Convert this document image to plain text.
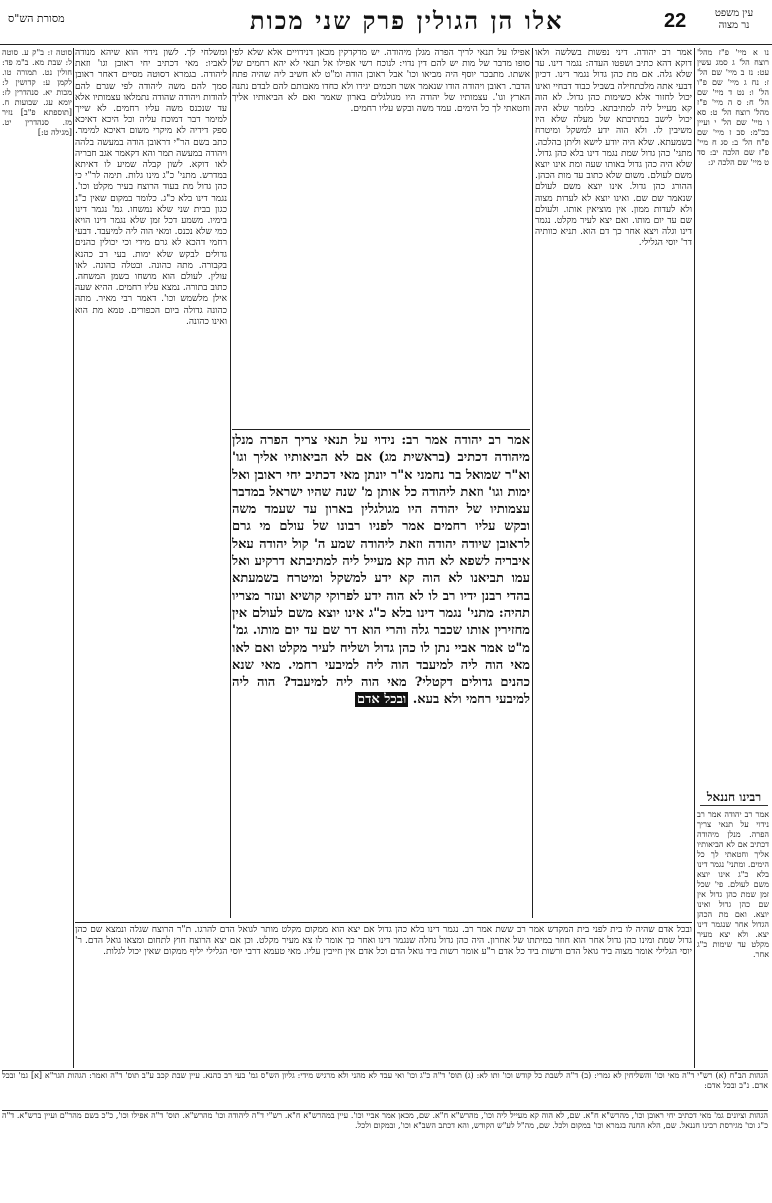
מסורת הש"ס	אלו הן הגולין פרק שני מכות	22	עין משפט
נר מצוה
ומשלחי לך. לשון נידוי הוא שיהא מנודה לאביו: מאי דכתיב יחי ראובן וגו' וזאת ליהודה. בגמרא דסוטה מסיים דאחר ראובן סמך להם משה ליהודה לפי שגרם להם להודות ויהודה שהודה נתמלאו עצמותיו אלא עד שנכנס משה עליו רחמים. לא שייך למימר דבר דמוכח עליה וכל היכא דאיכא ספק דידיה לא מיקרי משום דאיכא למימר. כתב בשם הר"י דראובן הודה במעשה בלהה ויהודה במעשה תמר והא דקאמר אגב חבריה לאו דוקא. לשון קבלה שמיע לו דאיתא במדרש. מתני' כ"ג מינו גלות. תימה לר"י כי כהן גדול מת בעוד הרוצח בעיר מקלט וכו'. נגמר דינו בלא כ"ג. כלומר במקום שאין כ"ג כגון בבית שני שלא נמשחו. גמ' נגמר דינו בימיו. משמע דכל זמן שלא נגמר דינו הויא כמי שלא נכנס. ומאי הוה ליה למיעבד. דבעי רחמי דהכא לא גרם מידי וכי יכולין כהנים גדולים לבקש שלא ימות. בעי רב כהנא בקבורה. מתה כהונה. ובטלה כהונה. לאו עולין. לעולם הוא מושחו בשמן המשחה. כתוב בתורה. נמצא עליו רחמים. ההיא שעה אילן מלשמש וכו'. דאמר רבי מאיר. מתה כהונה גדולה ביום הכפורים. טמא מת הוא ואינו כהונה.
אפילו על תנאי לריך הפרה מגלן מיהודה. יש מדקדקין מכאן דנידויים אלא שלא לפי סופו מדבר של מות יש להם דין נדוי: לנוכח רשי אפילו אל תנאי לא יהא רחמים של אשתו. מתבכר יוסף היה מביאו וכו' אבל ראובן הודה ומ"ט לא חשיב ליה שהיה פתח הדבר. ראובן ויהודה הודו שנאמר אשר חכמים יגידו ולא כחדו מאבותם להם לבדם נתנה הארץ וגו'. עצמותיו של יהודה היו מגולגלים בארון שאמר ואם לא הביאותיו אליך וחטאתי לך כל הימים. עמד משה ובקש עליו רחמים.
אמר רב יהודה אמר רב: נידוי על תנאי צריך הפרה מנלן מיהודה דכתיב (בראשית מג) אם לא הביאותיו אליך וגו' וא"ר שמואל בר נחמני א"ר יונתן מאי דכתיב יחי ראובן ואל ימות וגו' וזאת ליהודה כל אותן מ' שנה שהיו ישראל במדבר עצמותיו של יהודה היו מגולגלין בארון עד שעמד משה ובקש עליו רחמים אמר לפניו רבונו של עולם מי גרם לראובן שיודה יהודה וזאת ליהודה שמע ה' קול יהודה עאל איבריה לשפא לא הוה קא מעייל ליה למתיבתא דרקיע ואל עמו תביאנו לא הוה קא ידע למשקל ומיטרח בשמעתא בהדי רבנן ידיו רב לו לא הוה ידע לפרוקי קושיא ועזר מצריו תהיה: מתני' נגמר דינו בלא כ"ג אינו יוצא משם לעולם אין מחזירין אותו שכבר גלה והרי הוא דר שם עד יום מותו. גמ' מ"ט אמר אביי נתן לו כהן גדול ושליח לעיר מקלט ואם לאו מאי הוה ליה למיעבד הוה ליה למיבעי רחמי. מאי שנא כהנים גדולים דקטלי? מאי הוה ליה למיעבד? הוה ליה למיבעי רחמי ולא בעא. ובכל אדם
אמר רב יהודה. דיני נפשות בשלשה ולאו דוקא דהא כתיב ושפטו העדה: נגמר דינו. עד שלא גלה. אם מת כהן גדול נגמר דינו. דכיון דבעי אתה מלכתחילה בשביל כבוד דבחיי ואינו יכול לחזור אלא כשימות כהן גדול. לא הוה קא מעייל ליה למתיבתא. כלומר שלא היה יכול לישב במתיבתא של מעלה שלא היו משיבין לו. ולא הוה ידע למשקל ומיטרח בשמעתא. שלא היה יודע לישא וליתן בהלכה. מתני' כהן גדול שמת נגמר דינו בלא כהן גדול. שלא היה כהן גדול באותו שעה ומת אינו יוצא משם לעולם. משום שלא כתוב עד מות הכהן. ההורג כהן גדול. אינו יוצא משם לעולם שנאמר שם שם. ואינו יוצא לא לעדות מצוה ולא לעדות ממון. אין מוציאין אותו. ולעולם שם עד יום מותו. ואם יצא לעיר מקלט. נגמר דינו וגלה ויצא אחר כך דם הוא. תניא כוותיה דר' יוסי הגלילי.
נו א מיי' פ"ז מהל' רוצח הל' ג סמג עשין עט: נז ב מיי' שם הל' ז: נח ג מיי' שם פ"ו הל' ו: נט ד מיי' שם הל' ח: ס ה מיי' פ"ז מהל' רוצח הל' ט: סא ו מיי' שם הל' י ועיין בכ"מ: סב ז מיי' שם פ"ח הל' ב: סג ח מיי' פ"ז שם הלכה יב: סד ט מיי' שם הלכה יג:
סוטה ז: ב"ק ע. סוטה ל: שבת מא. ב"מ פד: חולין נט. תמורה טו. לקמן ע: קדושין ל: מכות יא. סנהדרין לז: יומא עג. שבועות ח. [תוספתא פ"ב] נזיר מז. סנהדרין יט. [מגילה ט:]
ובכל אדם שהיה לו בית לפני בית המקדש אמר רב ששת אמר רב. נגמר דינו בלא כהן גדול אם יצא הוא ממקום מקלט מותר לגואל הדם להרגו. ת"ר הרוצח שגלה ונמצא שם כהן גדול שמת ומינו כהן גדול אחר הוא חוזר במיתתו של אחרון. היה כהן גדול נחלה שנגמר דינו ואחר כך אומר לו צא מעיר מקלט. וכן אם יצא הרוצח חוץ לתחום ומצאו גואל הדם. ר' יוסי הגלילי אומר מצוה ביד גואל הדם ורשות ביד כל אדם ר"ע אומר רשות ביד גואל הדם וכל אדם אין חייבין עליו. מאי טעמא דרבי יוסי הגלילי יליף ממקום שאין יכול לגלות.
רבינו חננאל
אמר רב יהודה אמר רב נידוי על תנאי צריך הפרה. מנלן מיהודה דכתיב אם לא הביאותיו אליך וחטאתי לך כל הימים. ומתני' נגמר דינו בלא כ"ג אינו יוצא משם לעולם. פי' שכל זמן שמת כהן גדול אין שם כהן גדול ואינו יוצא. ואם מת הכהן הגדול אחר שנגמר דינו יצא. ולא יצא מעיר מקלט עד שימות כ"ג אחר.
הגהות הב"ח (א) רש"י ד"ה מאי וכו' והשליחין לא גמרי: (ב) ד"ה לשבת כל קודש וכו' ותו לא: (ג) תוס' ד"ה כ"ג וכו' ואי עבד לא מהני ולא מרגיש מידי: גליון הש"ס גמ' בעי רב כהנא. עיין שבת קכב ע"ב תוס' ד"ה ואמר: הגהות הגר"א [א] גמ' ובכל אדם. נ"ב ובכל אדם:
הגהות וציונים גמ' מאי דכתיב יחי ראובן וכו', מהרש"א ח"א. שם, לא הוה קא מעייל ליה וכו', מהרש"א ח"א. שם, מכאן אמר אביי וכו'. עיין במהרש"א ח"א. רש"י ד"ה ליהודה וכו' מהרש"א. תוס' ד"ה אפילו וכו', כ"כ בשם מהר"ם ועיין ברש"א. ד"ה כ"ג וכו' מגירסת רבינו חננאל. שם, הלא החנה בגמרא וכו' במקום ולכל. שם, מה"ל לע"ש הקודש, והא דכתב השב"א וכו', ובמקום ולכל.
